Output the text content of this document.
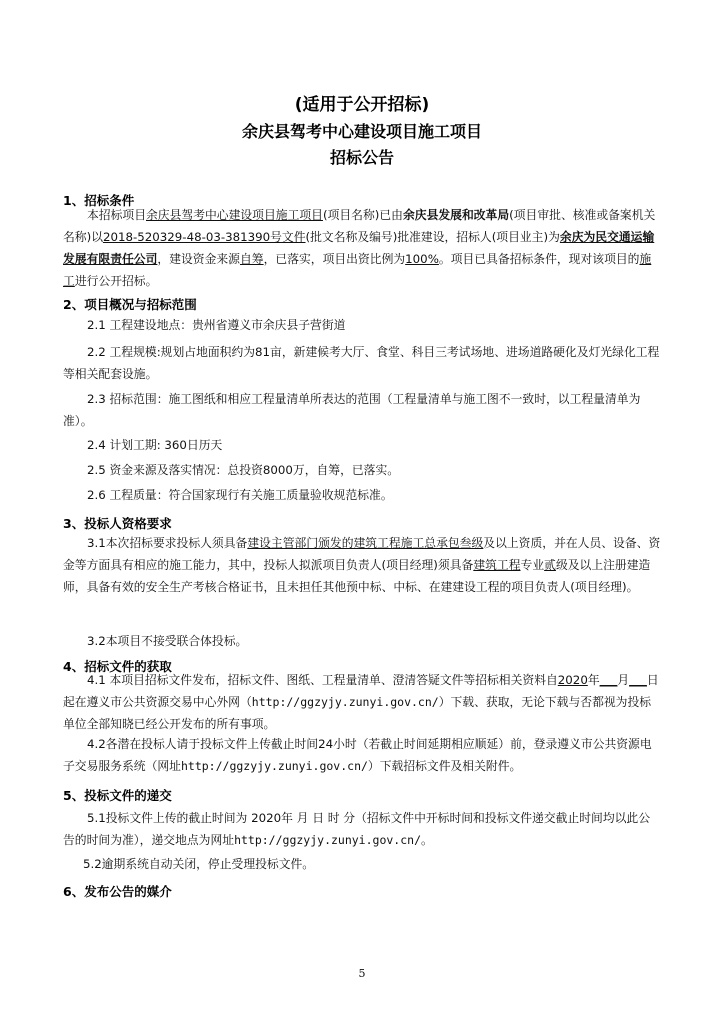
(适用于公开招标)
余庆县驾考中心建设项目施工项目
招标公告
1、招标条件
本招标项目余庆县驾考中心建设项目施工项目(项目名称)已由余庆县发展和改革局(项目审批、核准或备案机关名称)以2018-520329-48-03-381390号文件(批文名称及编号)批准建设，招标人(项目业主)为余庆为民交通运输发展有限责任公司，建设资金来源自筹，已落实，项目出资比例为100%。项目已具备招标条件，现对该项目的施工进行公开招标。
2、项目概况与招标范围
2.1 工程建设地点：贵州省遵义市余庆县子营街道
2.2 工程规模:规划占地面积约为81亩，新建候考大厅、食堂、科目三考试场地、进场道路硬化及灯光绿化工程等相关配套设施。
2.3 招标范围：施工图纸和相应工程量清单所表达的范围（工程量清单与施工图不一致时，以工程量清单为准）。
2.4 计划工期: 360日历天
2.5 资金来源及落实情况：总投资8000万，自筹，已落实。
2.6 工程质量：符合国家现行有关施工质量验收规范标准。
3、投标人资格要求
3.1本次招标要求投标人须具备建设主管部门颁发的建筑工程施工总承包叁级及以上资质，并在人员、设备、资金等方面具有相应的施工能力，其中，投标人拟派项目负责人(项目经理)须具备建筑工程专业贰级及以上注册建造师，具备有效的安全生产考核合格证书，且未担任其他预中标、中标、在建建设工程的项目负责人(项目经理)。
3.2本项目不接受联合体投标。
4、招标文件的获取
4.1 本项目招标文件发布，招标文件、图纸、工程量清单、澄清答疑文件等招标相关资料自2020年___月___日起在遵义市公共资源交易中心外网（http://ggzyjy.zunyi.gov.cn/）下载、获取，无论下载与否都视为投标单位全部知晓已经公开发布的所有事项。
4.2各潜在投标人请于投标文件上传截止时间24小时（若截止时间延期相应顺延）前，登录遵义市公共资源电子交易服务系统（网址http://ggzyjy.zunyi.gov.cn/）下载招标文件及相关附件。
5、投标文件的递交
5.1投标文件上传的截止时间为 2020年 月 日 时 分（招标文件中开标时间和投标文件递交截止时间均以此公告的时间为准），递交地点为网址http://ggzyjy.zunyi.gov.cn/。
5.2逾期系统自动关闭，停止受理投标文件。
6、发布公告的媒介
5
